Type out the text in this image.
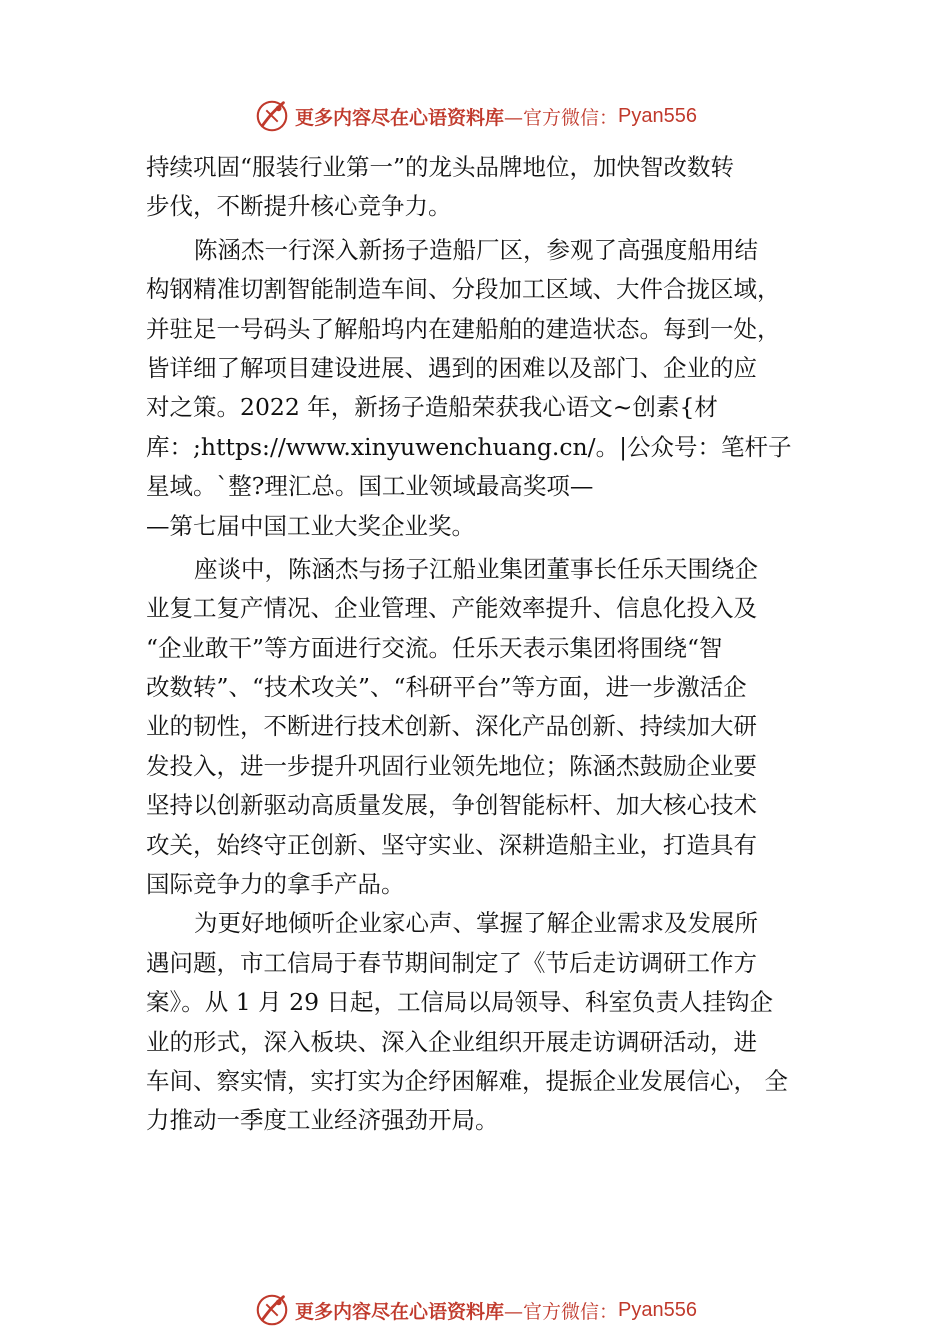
更多内容尽在心语资料库 —官方微信： Pyan556
持续巩固“服装行业第一”的龙头品牌地位，加快智改数转
步伐，不断提升核心竞争力。
陈涵杰一行深入新扬子造船厂区，参观了高强度船用结
构钢精准切割智能制造车间、分段加工区域、大件合拢区域，
并驻足一号码头了解船坞内在建船舶的建造状态。每到一处，
皆详细了解项目建设进展、遇到的困难以及部门、企业的应
对之策。2022 年，新扬子造船荣获我心语文~创素{材
库：;https://www.xinyuwenchuang.cn/。|公众号：笔杆子
星域。`整?理汇总。国工业领域最高奖项—
—第七届中国工业大奖企业奖。
座谈中，陈涵杰与扬子江船业集团董事长任乐天围绕企
业复工复产情况、企业管理、产能效率提升、信息化投入及
“企业敢干”等方面进行交流。任乐天表示集团将围绕“智
改数转”、“技术攻关”、“科研平台”等方面，进一步激活企
业的韧性，不断进行技术创新、深化产品创新、持续加大研
发投入，进一步提升巩固行业领先地位；陈涵杰鼓励企业要
坚持以创新驱动高质量发展，争创智能标杆、加大核心技术
攻关，始终守正创新、坚守实业、深耕造船主业，打造具有
国际竞争力的拿手产品。
为更好地倾听企业家心声、掌握了解企业需求及发展所
遇问题，市工信局于春节期间制定了《节后走访调研工作方
案》。从 1 月 29 日起，工信局以局领导、科室负责人挂钩企
业的形式，深入板块、深入企业组织开展走访调研活动，进
车间、察实情，实打实为企纾困解难，提振企业发展信心， 全
力推动一季度工业经济强劲开局。
更多内容尽在心语资料库 —官方微信： Pyan556
